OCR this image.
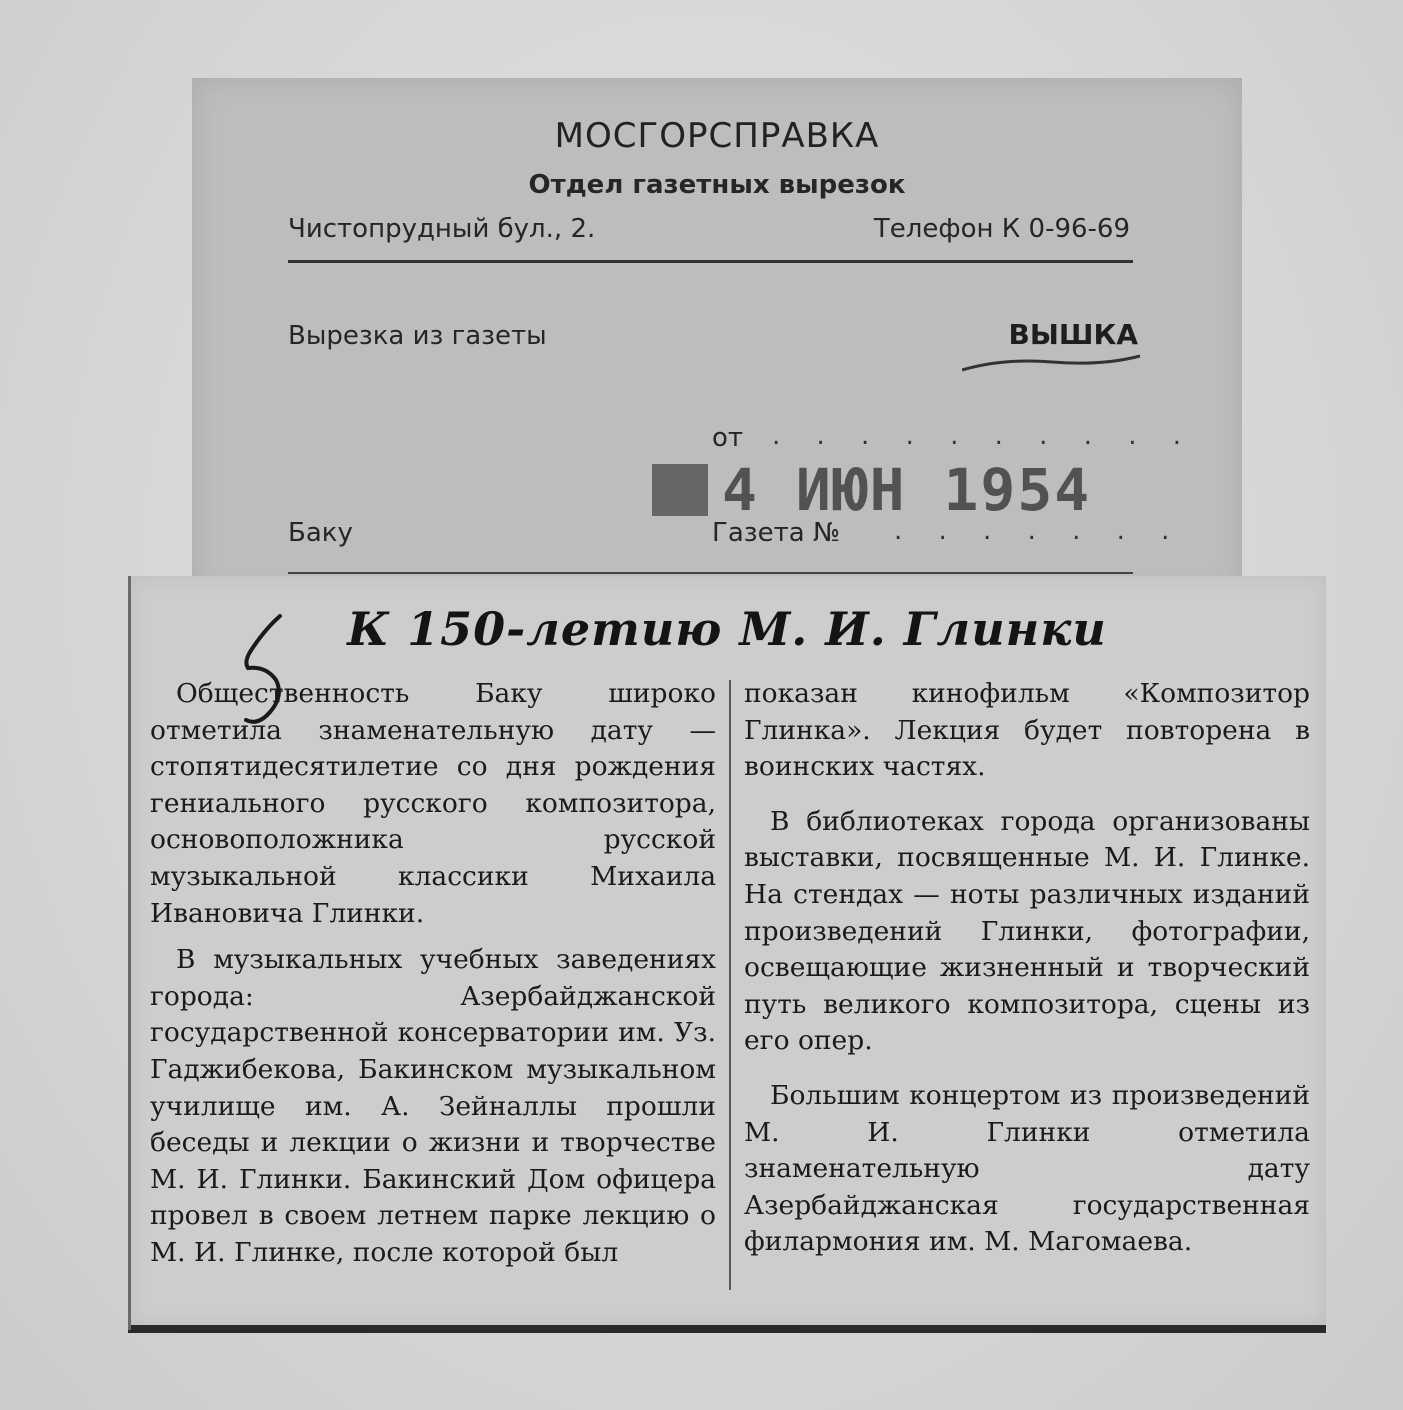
МОСГОРСПРАВКА
Отдел газетных вырезок
Чистопрудный бул., 2.	Телефон К 0-96-69
Вырезка из газеты	ВЫШКА
от . . . . . . . . . .
4 ИЮН 1954
Баку	Газета № . . . . . . .
К 150-летию М. И. Глинки

Общественность Баку широко отметила знаменательную дату — стопятидесятилетие со дня рождения гениального русского композитора, основоположника русской музыкальной классики Михаила Ивановича Глинки.

В музыкальных учебных заведениях города: Азербайджанской государственной консерватории им. Уз. Гаджибекова, Бакинском музыкальном училище им. А. Зейналлы прошли беседы и лекции о жизни и творчестве М. И. Глинки. Бакинский Дом офицера провел в своем летнем парке лекцию о М. И. Глинке, после которой был

показан кинофильм «Композитор Глинка». Лекция будет повторена в воинских частях.

В библиотеках города организованы выставки, посвященные М. И. Глинке. На стендах — ноты различных изданий произведений Глинки, фотографии, освещающие жизненный и творческий путь великого композитора, сцены из его опер.

Большим концертом из произведений М. И. Глинки отметила знаменательную дату Азербайджанская государственная филармония им. М. Магомаева.
